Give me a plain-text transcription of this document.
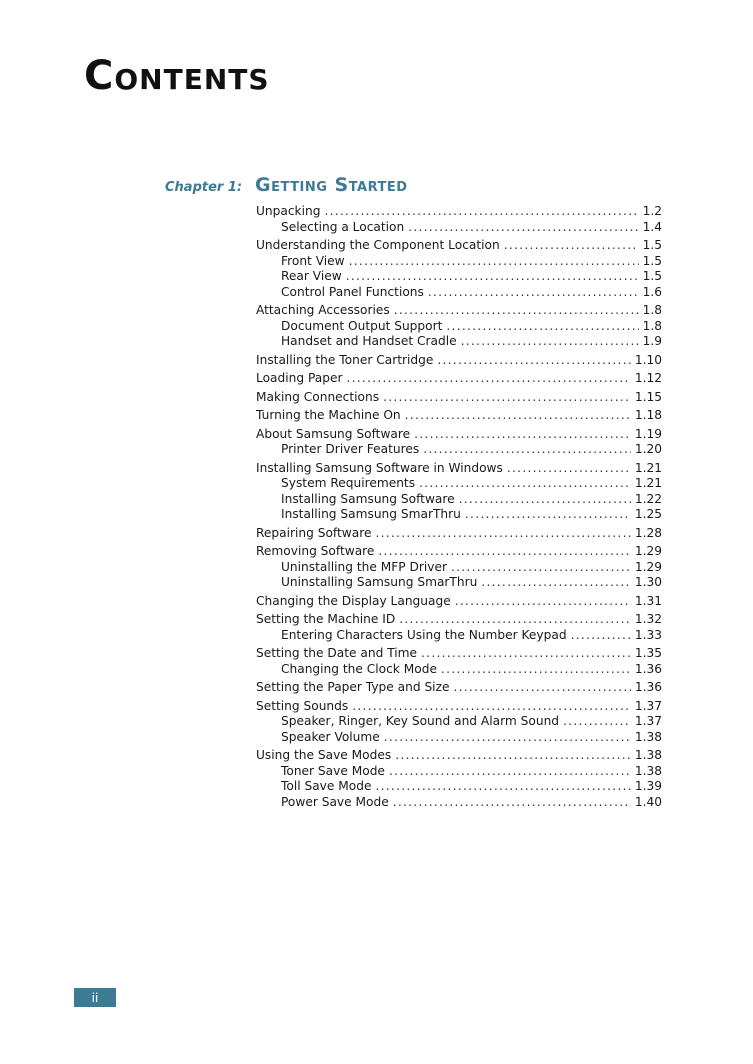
Contents
Chapter 1: Getting Started
Unpacking . . .	1.2
Selecting a Location . . .	1.4
Understanding the Component Location . . .	1.5
Front View . . .	1.5
Rear View . . .	1.5
Control Panel Functions . . .	1.6
Attaching Accessories . . .	1.8
Document Output Support . . .	1.8
Handset and Handset Cradle . . .	1.9
Installing the Toner Cartridge . . .	1.10
Loading Paper . . .	1.12
Making Connections . . .	1.15
Turning the Machine On . . .	1.18
About Samsung Software . . .	1.19
Printer Driver Features . . .	1.20
Installing Samsung Software in Windows . . .	1.21
System Requirements . . .	1.21
Installing Samsung Software . . .	1.22
Installing Samsung SmarThru . . .	1.25
Repairing Software . . .	1.28
Removing Software . . .	1.29
Uninstalling the MFP Driver . . .	1.29
Uninstalling Samsung SmarThru . . .	1.30
Changing the Display Language . . .	1.31
Setting the Machine ID . . .	1.32
Entering Characters Using the Number Keypad . . .	1.33
Setting the Date and Time . . .	1.35
Changing the Clock Mode . . .	1.36
Setting the Paper Type and Size . . .	1.36
Setting Sounds . . .	1.37
Speaker, Ringer, Key Sound and Alarm Sound . . .	1.37
Speaker Volume . . .	1.38
Using the Save Modes . . .	1.38
Toner Save Mode . . .	1.38
Toll Save Mode . . .	1.39
Power Save Mode . . .	1.40
ii
